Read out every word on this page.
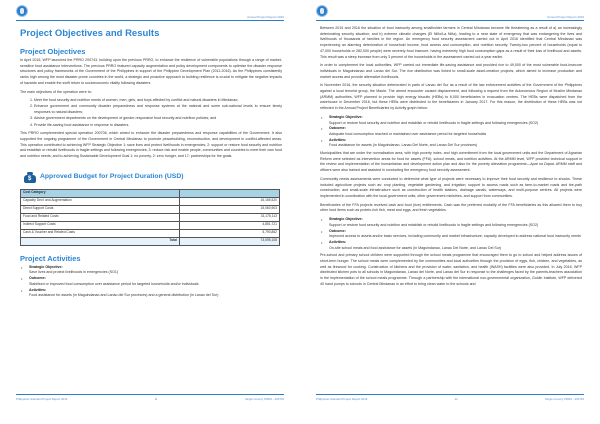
Annual Project Report 2016
Project Objectives and Results
Project Objectives

In April 2015, WFP launched the PRRO 200743, building upon the previous PRRO, to enhance the resilience of vulnerable populations through a range of market-sensitive food assistance interventions. The previous PRRO featured capacity augmentation and policy development components to optimise the disaster response structures and policy frameworks of the Government of the Philippines in support of the Philippine Development Plan (2011-2016). As the Philippines consistently ranks high among the most disaster-prone countries in the world, a strategic and proactive approach to building resilience is crucial to mitigate the negative impacts of hazards and enable the swift return to socioeconomic vitality following disasters.

The main objectives of the operation were to:

1. Meet the food security and nutrition needs of women, men, girls, and boys affected by conflict and natural disasters in Mindanao;
2. Enhance government and community disaster preparedness and response systems at the national and some sub-national levels to ensure timely responses to natural disasters;
3. Advise government departments on the development of gender-responsive food security and nutrition policies; and
4. Provide life-saving food assistance in response to disasters.

This PRRO complemented special operation 200706, which aimed to enhance the disaster preparedness and response capabilities of the Government. It also supported the ongoing programme of the Government in Central Mindanao to promote peacebuilding, reconstruction, and development in conflict-affected areas. This operation contributed to achieving WFP Strategic Objective 1: save lives and protect livelihoods in emergencies; 2: support or restore food security and nutrition and establish or rebuild livelihoods in fragile settings and following emergencies; 3: reduce risk and enable people, communities and countries to meet their own food and nutrition needs; and to achieving Sustainable Development Goal 1: no poverty, 2: zero hunger, and 17: partnerships for the goals.

$ Approved Budget for Project Duration (USD)
Cost Category	
Capacity Dev.t and Augmentation	16,165,520
Direct Support Costs	15,060,903
Food and Related Costs	31,176,113
Indirect Support Costs	4,851,721
Cash & Voucher and Related Costs	5,790,852
Total	73,095,108
Project Activities
• Strategic Objective:
Save lives and protect livelihoods in emergencies (SO1)
• Outcome:
Stabilised or improved food consumption over assistance period for targeted households and/or individuals
• Activities:
Food assistance for assets (in Maguindanao and Lanao del Sur provinces) and a general distribution (in Lanao del Sur)
Philippines Standard Project Report 2016	11	Single Country PRRO - 200743
Annual Project Report 2016

Between 2015 and 2016 the situation of food insecurity among smallholder farmers in Central Mindanao became life threatening as a result of a) an increasingly deteriorating security situation; and b) extreme climatic changes (El Niño/La Niña), leading to a near state of emergency that was endangering the lives and livelihoods of thousands of families in the region. An emergency food security assessment carried out in April 2016 identified that Central Mindanao was experiencing an alarming deterioration of household income, food access and consumption, and nutrition security. Twenty-two percent of households (equal to 47,000 households or 282,000 people) were severely food insecure, having extremely high food consumption gaps as a result of their loss of livelihood and assets. This result was a steep increase from only 3 percent of the households in the assessment carried out a year earlier.

In order to complement the local authorities, WFP carried out immediate life-saving assistance and provided rice to 49,000 of the most vulnerable food-insecure individuals in Maguindanao and Lanao del Sur. The rice distribution was linked to small-scale asset-creation projects, which aimed to increase production and market access and provide alternative livelihoods.

In November 2016, the security situation deteriorated in parts of Lanao del Sur as a result of the law enforcement activities of the Government of the Philippines against a local terrorist group, the Maute. The armed encounter caused displacement, and following a request from the Autonomous Region of Muslim Mindanao (ARMM) authorities, WFP planned to provide high energy biscuits (HEBs) to 6,000 beneficiaries in evacuation centres. The HEBs were dispatched from the warehouse in December 2016, but these HEBs were distributed to the beneficiaries in January 2017. For this reason, the distribution of these HEBs was not reflected in the Annual Project Beneficiaries by Activity graph below:

• Strategic Objective:
Support or restore food security and nutrition and establish or rebuild livelihoods in fragile settings and following emergencies (SO2)
• Outcome:
Adequate food consumption reached or maintained over assistance period for targeted households
• Activities:
Food assistance for assets (in Maguindanao, Lanao Del Norte, and Lanao Del Sur provinces)

Municipalities that are under the normalisation area, with high poverty index, and high commitment from the local government units and the Department of Agrarian Reform were selected as intervention areas for food for assets (FFA), school meals, and nutrition activities. At the ARMM level, WFP provided technical support in the review and implementation of the humanitarian and development action plan and also for the poverty alleviation programme—Apat na Dapat. ARMM staff and officers were also trained and assisted in conducting the emergency food security assessment.

Community needs assessments were conducted to determine what type of projects were necessary to improve their food security and resilience to shocks. These included agriculture projects such as: crop planting, vegetable gardening, and irrigation; support to access roads such as farm-to-market roads and tire-path construction; and small-scale infrastructure such as construction of health stations, drainage canals, waterways, and multi-purpose centres. All projects were implemented in coordination with the local government units, other government ministries, and support from communities.

Beneficiaries of the FFA projects received cash and food (rice) entitlements. Cash was the preferred modality of the FFA beneficiaries as this allowed them to buy other food items such as protein-rich fish, meat and eggs, and fresh vegetables.

• Strategic Objective:
Support or restore food security and nutrition and establish or rebuild livelihoods in fragile settings and following emergencies (SO2)
• Outcome:
Improved access to assets and/or basic services, including community and market infrastructure; capacity developed to address national food insecurity needs
• Activities:
On-site school meals and food assistance for assets (in Maguindanao, Lanao Del Norte, and Lanao Del Sur)

Pre-school and primary school children were supported through the school meals programme that encouraged them to go to school and helped address issues of short-term hunger. The school meals were complemented by the communities and local authorities through the provision of eggs, fish, chicken, and vegetables, as well as firewood for cooking. Construction of kitchens and the provision of water, sanitation, and health (WASH) facilities were also provided. In July 2016, WFP distributed kitchen pots to all schools in Maguindanao, Lanao del Norte, and Lanao del Sur in response to the challenges faced by the parents-teachers association in the implementation of the school meals programme. Through a partnership with the international non-governmental organization, Goldin Institute, WFP delivered 40 hand pumps to schools in Central Mindanao in an effort to bring clean water to the schools and

Philippines Standard Project Report 2016	12	Single Country PRRO - 200743
